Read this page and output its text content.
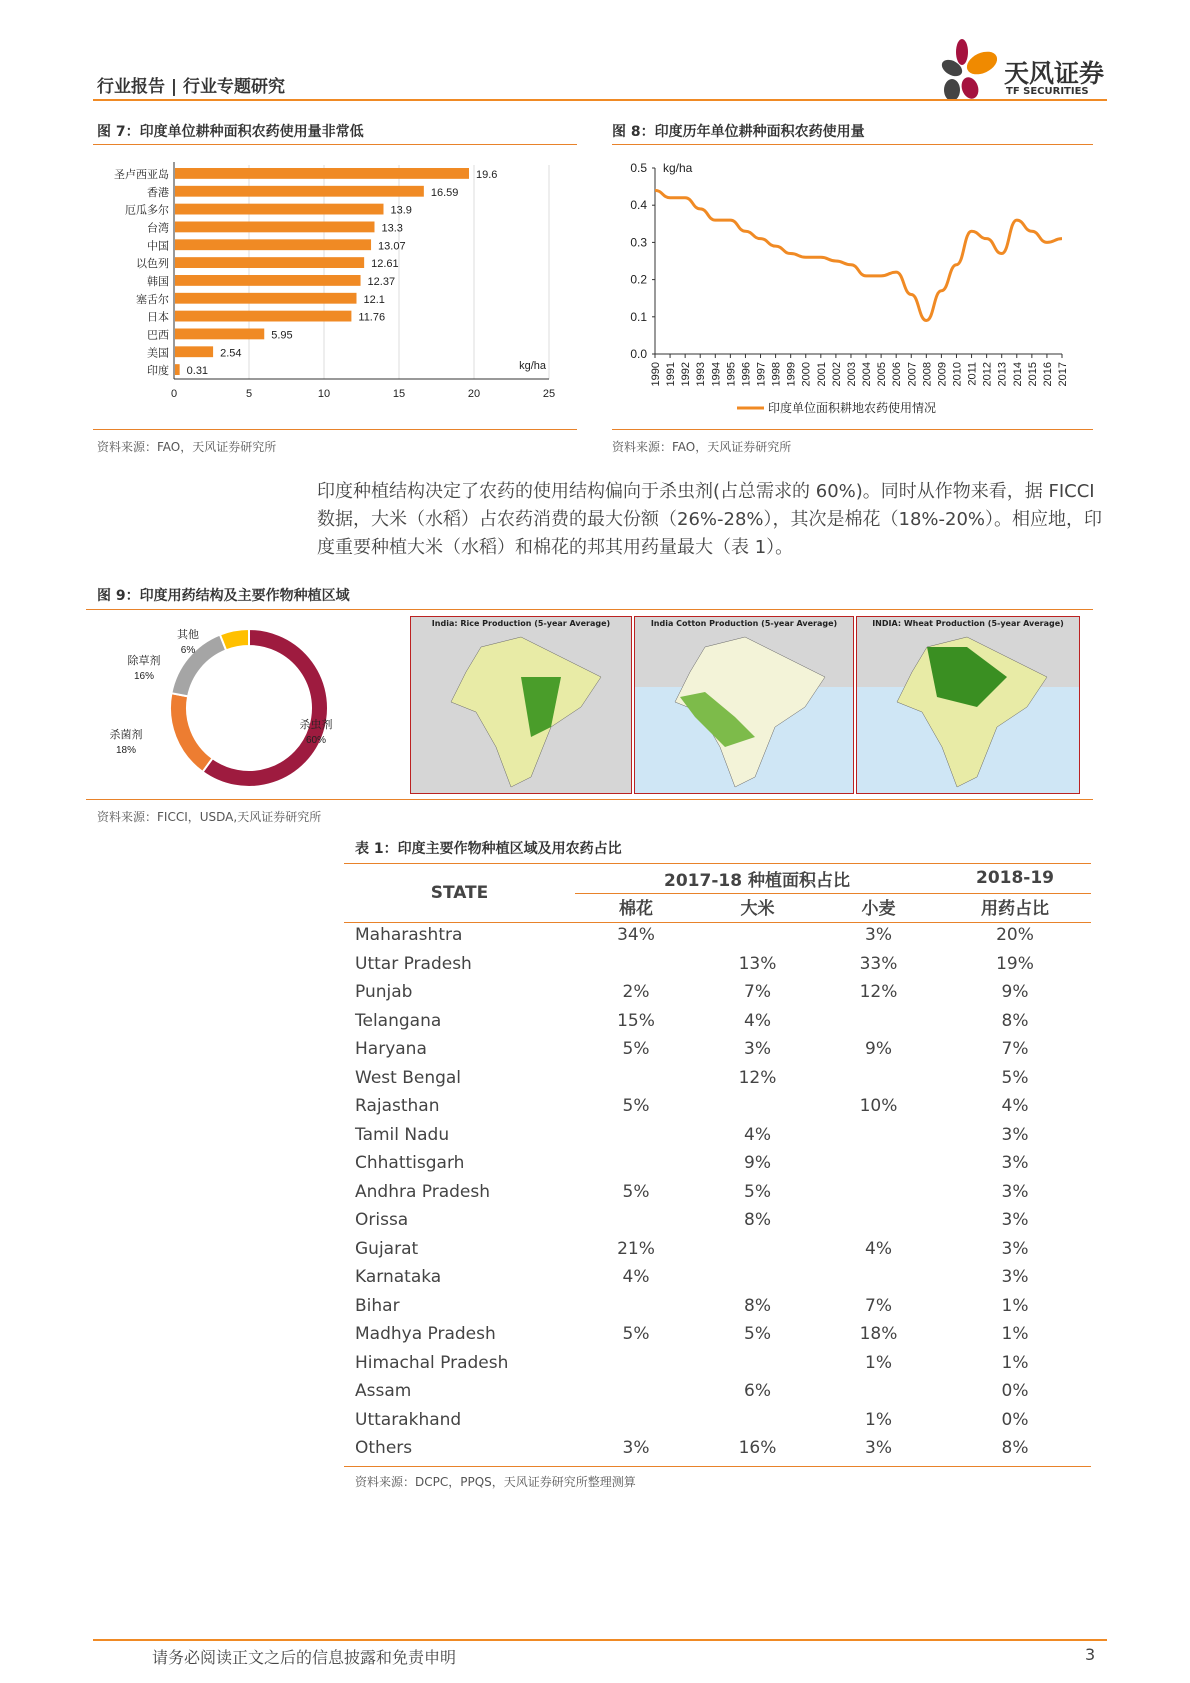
行业报告 | 行业专题研究	天风证券
TF SECURITIES
图 7：印度单位耕种面积农药使用量非常低	图 8：印度历年单位耕种面积农药使用量
0	5	10	15	20	25
圣卢西亚岛	19.6
香港	16.59
厄瓜多尔	13.9
台湾	13.3
中国	13.07
以色列	12.61
韩国	12.37
塞舌尔	12.1
日本	11.76
巴西	5.95
美国	2.54
印度 0.31	kg/ha
0.0
0.1
0.2
0.3
0.4
0.5 kg/ha
1990 1991 1992 1993 1994 1995 1996 1997 1998 1999 2000 2001 2002 2003 2004 2005 2006 2007 2008 2009 2010 2011 2012 2013 2014 2015 2016 2017
印度单位面积耕地农药使用情况
资料来源：FAO，天风证券研究所	资料来源：FAO，天风证券研究所
印度种植结构决定了农药的使用结构偏向于杀虫剂(占总需求的 60%)。同时从作物来看，据 FICCI 数据，大米（水稻）占农药消费的最大份额（26%-28%），其次是棉花（18%-20%）。相应地，印度重要种植大米（水稻）和棉花的邦其用药量最大（表 1）。
图 9：印度用药结构及主要作物种植区域
杀虫剂
60%
杀菌剂
18%
除草剂
16%
其他
6%
India: Rice Production (5-year Average)	India Cotton Production (5-year Average)	INDIA: Wheat Production (5-year Average)
资料来源：FICCI，USDA,天风证券研究所
表 1：印度主要作物种植区域及用农药占比
STATE	2017-18 种植面积占比			2018-19
	棉花	大米	小麦	用药占比
Maharashtra	34%		3%	20%
Uttar Pradesh		13%	33%	19%
Punjab	2%	7%	12%	9%
Telangana	15%	4%		8%
Haryana	5%	3%	9%	7%
West Bengal		12%		5%
Rajasthan	5%		10%	4%
Tamil Nadu		4%		3%
Chhattisgarh		9%		3%
Andhra Pradesh	5%	5%		3%
Orissa		8%		3%
Gujarat	21%		4%	3%
Karnataka	4%			3%
Bihar		8%	7%	1%
Madhya Pradesh	5%	5%	18%	1%
Himachal Pradesh			1%	1%
Assam		6%		0%
Uttarakhand			1%	0%
Others	3%	16%	3%	8%
资料来源：DCPC，PPQS，天风证券研究所整理测算
请务必阅读正文之后的信息披露和免责申明	3
